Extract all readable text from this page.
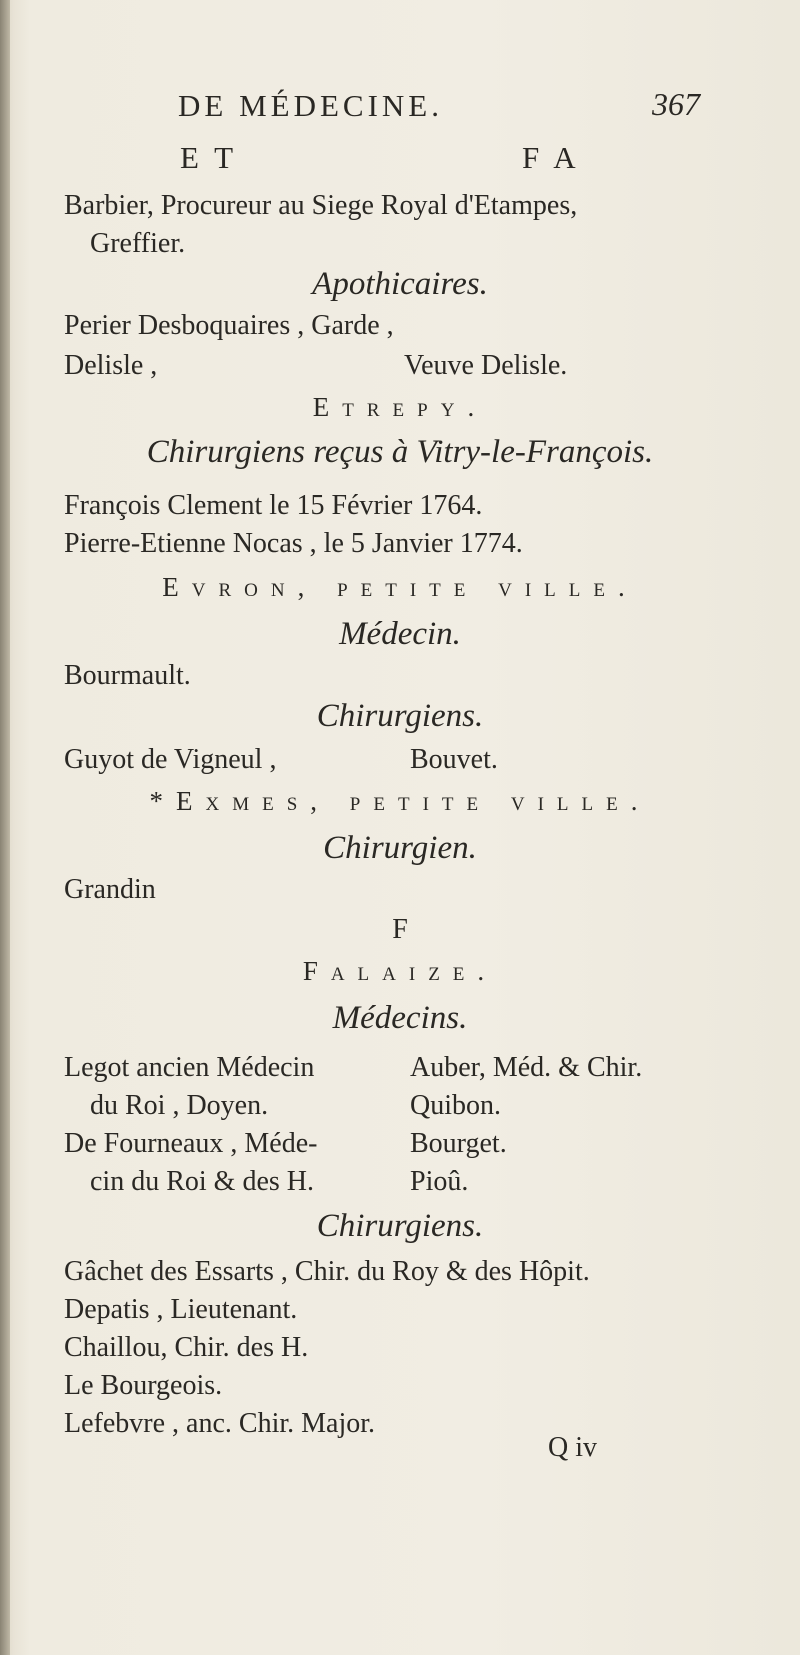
DE MÉDECINE.	367
E T	F A
Barbier, Procureur au Siege Royal d'Etampes,
Greffier.
Apothicaires.
Perier Desboquaires , Garde ,
Delisle ,	Veuve Delisle.
Etrepy.
Chirurgiens reçus à Vitry-le-François.
François Clement le 15 Février 1764.
Pierre-Etienne Nocas , le 5 Janvier 1774.
Evron, petite ville.
Médecin.
Bourmault.
Chirurgiens.
Guyot de Vigneul ,	Bouvet.
*Exmes, petite ville.
Chirurgien.
Grandin
F
Falaize.
Médecins.
Legot ancien Médecin	Auber, Méd. & Chir.
du Roi , Doyen.	Quibon.
De Fourneaux , Méde-	Bourget.
cin du Roi & des H.	Pioû.
Chirurgiens.
Gâchet des Essarts , Chir. du Roy & des Hôpit.
Depatis , Lieutenant.
Chaillou, Chir. des H.
Le Bourgeois.
Lefebvre , anc. Chir. Major.
Q iv
